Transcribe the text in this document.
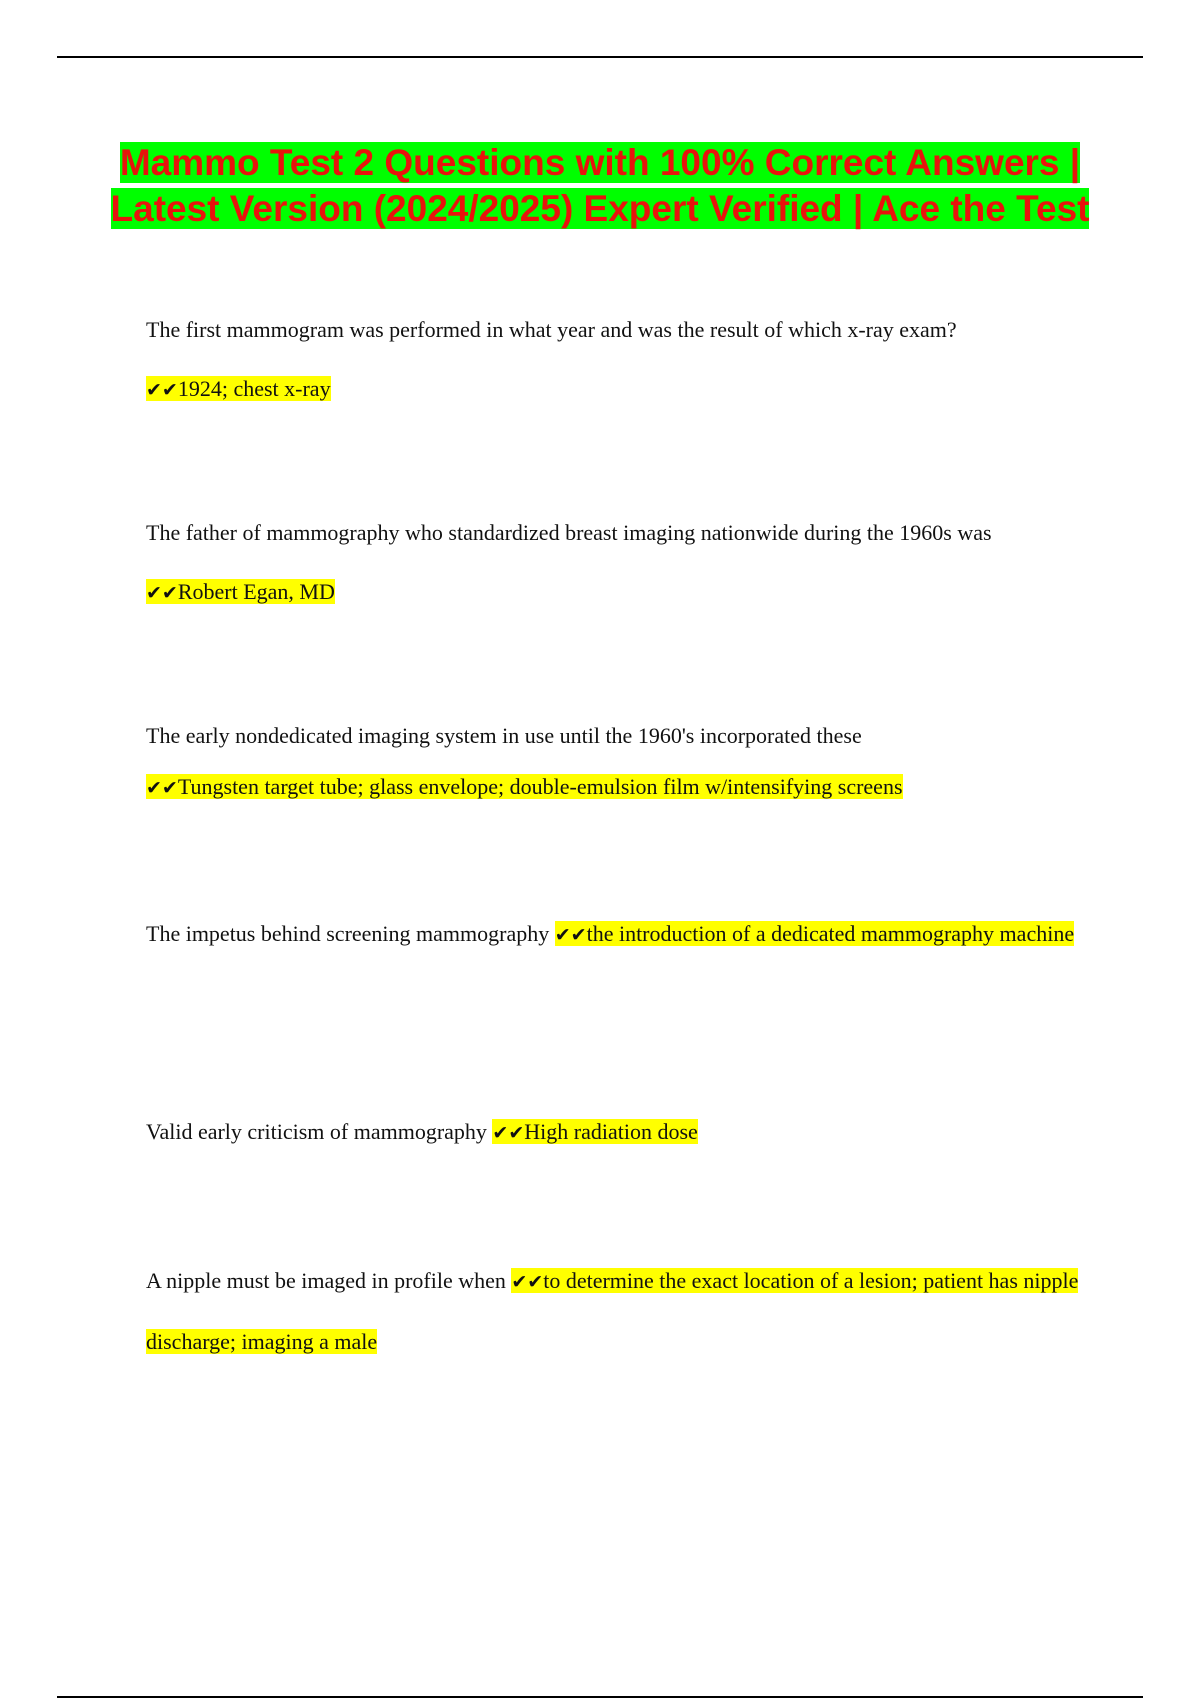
Mammo Test 2 Questions with 100% Correct Answers | Latest Version (2024/2025) Expert Verified | Ace the Test

The first mammogram was performed in what year and was the result of which x-ray exam?

✔✔1924; chest x-ray

The father of mammography who standardized breast imaging nationwide during the 1960s was

✔✔Robert Egan, MD

The early nondedicated imaging system in use until the 1960's incorporated these

✔✔Tungsten target tube; glass envelope; double-emulsion film w/intensifying screens

The impetus behind screening mammography ✔✔the introduction of a dedicated mammography machine

Valid early criticism of mammography ✔✔High radiation dose

A nipple must be imaged in profile when ✔✔to determine the exact location of a lesion; patient has nipple discharge; imaging a male
